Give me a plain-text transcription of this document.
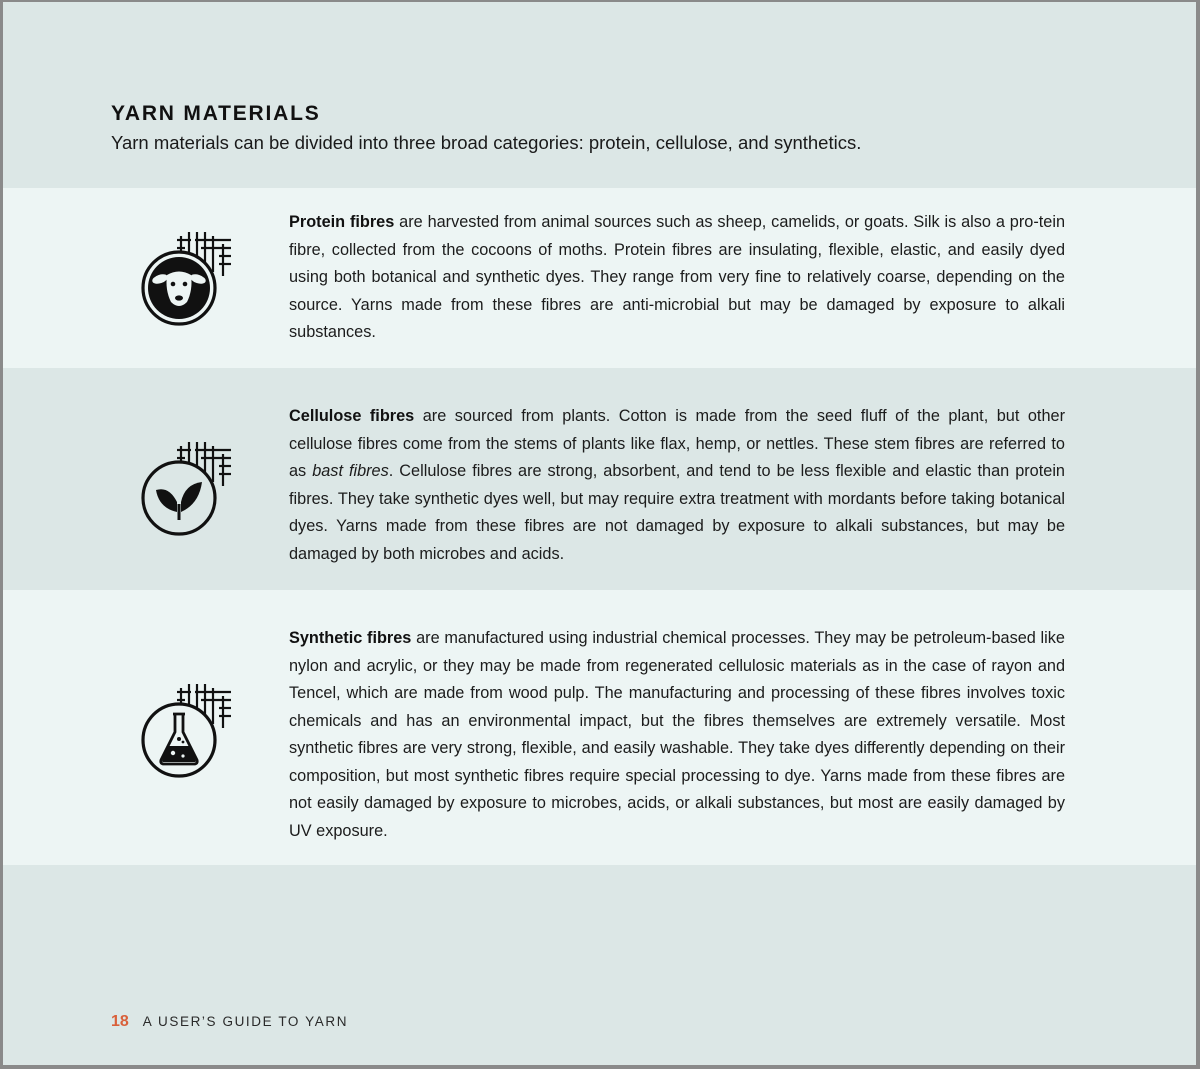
YARN MATERIALS
Yarn materials can be divided into three broad categories: protein, cellulose, and synthetics.
Protein fibres are harvested from animal sources such as sheep, camelids, or goats. Silk is also a pro-tein fibre, collected from the cocoons of moths. Protein fibres are insulating, flexible, elastic, and easily dyed using both botanical and synthetic dyes. They range from very fine to relatively coarse, depending on the source. Yarns made from these fibres are anti-microbial but may be damaged by exposure to alkali substances.
Cellulose fibres are sourced from plants. Cotton is made from the seed fluff of the plant, but other cellulose fibres come from the stems of plants like flax, hemp, or nettles. These stem fibres are referred to as bast fibres. Cellulose fibres are strong, absorbent, and tend to be less flexible and elastic than protein fibres. They take synthetic dyes well, but may require extra treatment with mordants before taking botanical dyes. Yarns made from these fibres are not damaged by exposure to alkali substances, but may be damaged by both microbes and acids.
Synthetic fibres are manufactured using industrial chemical processes. They may be petroleum-based like nylon and acrylic, or they may be made from regenerated cellulosic materials as in the case of rayon and Tencel, which are made from wood pulp. The manufacturing and processing of these fibres involves toxic chemicals and has an environmental impact, but the fibres themselves are extremely versatile. Most synthetic fibres are very strong, flexible, and easily washable. They take dyes differently depending on their composition, but most synthetic fibres require special processing to dye. Yarns made from these fibres are not easily damaged by exposure to microbes, acids, or alkali substances, but most are easily damaged by UV exposure.
18 A USER’S GUIDE TO YARN
